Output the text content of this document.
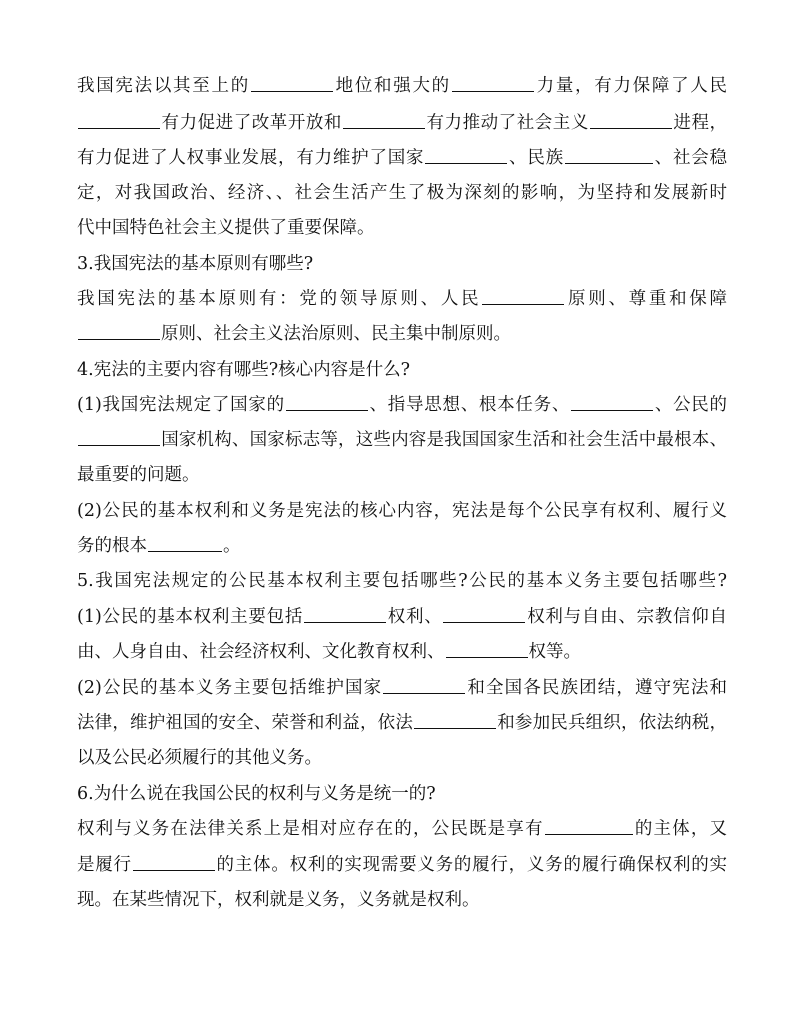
我国宪法以其至上的	地位和强大的	力量，有力保障了人民
有力促进了改革开放和	有力推动了社会主义	进程，
有力促进了人权事业发展，有力维护了国家	、民族	、社会稳
定，对我国政治、经济、、社会生活产生了极为深刻的影响，为坚持和发展新时
代中国特色社会主义提供了重要保障。
3.我国宪法的基本原则有哪些?
我国宪法的基本原则有：党的领导原则、人民	原则、尊重和保障
原则、社会主义法治原则、民主集中制原则。
4.宪法的主要内容有哪些?核心内容是什么?
(1)我国宪法规定了国家的	、指导思想、根本任务、	、公民的
国家机构、国家标志等，这些内容是我国国家生活和社会生活中最根本、
最重要的问题。
(2)公民的基本权利和义务是宪法的核心内容，宪法是每个公民享有权利、履行义
务的根本	。
5.我国宪法规定的公民基本权利主要包括哪些?公民的基本义务主要包括哪些?
(1)公民的基本权利主要包括	权利、	权利与自由、宗教信仰自
由、人身自由、社会经济权利、文化教育权利、	权等。
(2)公民的基本义务主要包括维护国家	和全国各民族团结，遵守宪法和
法律，维护祖国的安全、荣誉和利益，依法	和参加民兵组织，依法纳税，
以及公民必须履行的其他义务。
6.为什么说在我国公民的权利与义务是统一的?
权利与义务在法律关系上是相对应存在的，公民既是享有	的主体，又
是履行	的主体。权利的实现需要义务的履行，义务的履行确保权利的实
现。在某些情况下，权利就是义务，义务就是权利。
